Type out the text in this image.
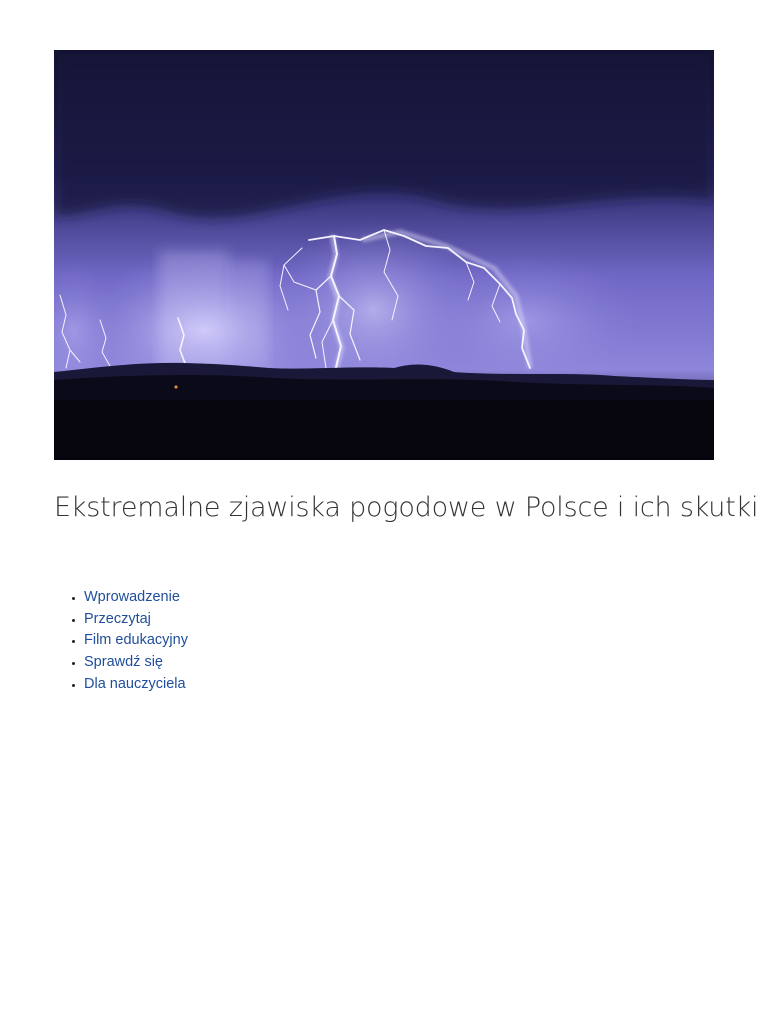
Ekstremalne zjawiska pogodowe w Polsce i ich skutki
• Wprowadzenie
• Przeczytaj
• Film edukacyjny
• Sprawdź się
• Dla nauczyciela
